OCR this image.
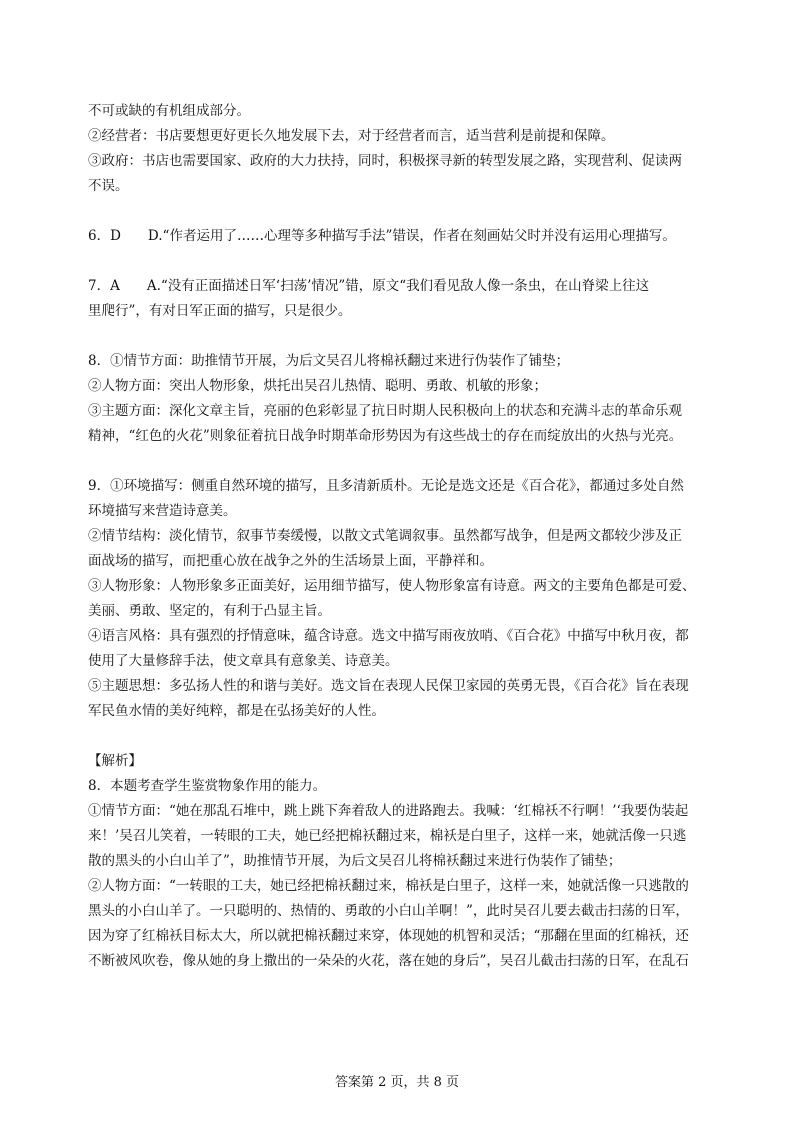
不可或缺的有机组成部分。
②经营者：书店要想更好更长久地发展下去，对于经营者而言，适当营利是前提和保障。
③政府：书店也需要国家、政府的大力扶持，同时，积极探寻新的转型发展之路，实现营利、促读两
不误。
6．D　　D.“作者运用了……心理等多种描写手法”错误，作者在刻画姑父时并没有运用心理描写。
7．A　　A.“没有正面描述日军‘扫荡’情况”错，原文“我们看见敌人像一条虫，在山脊梁上往这
里爬行”，有对日军正面的描写，只是很少。
8．①情节方面：助推情节开展，为后文吴召儿将棉袄翻过来进行伪装作了铺垫；
②人物方面：突出人物形象，烘托出吴召儿热情、聪明、勇敢、机敏的形象；
③主题方面：深化文章主旨，亮丽的色彩彰显了抗日时期人民积极向上的状态和充满斗志的革命乐观
精神，“红色的火花”则象征着抗日战争时期革命形势因为有这些战士的存在而绽放出的火热与光亮。
9．①环境描写：侧重自然环境的描写，且多清新质朴。无论是选文还是《百合花》，都通过多处自然
环境描写来营造诗意美。
②情节结构：淡化情节，叙事节奏缓慢，以散文式笔调叙事。虽然都写战争，但是两文都较少涉及正
面战场的描写，而把重心放在战争之外的生活场景上面，平静祥和。
③人物形象：人物形象多正面美好，运用细节描写，使人物形象富有诗意。两文的主要角色都是可爱、
美丽、勇敢、坚定的，有利于凸显主旨。
④语言风格：具有强烈的抒情意味，蕴含诗意。选文中描写雨夜放哨、《百合花》中描写中秋月夜，都
使用了大量修辞手法，使文章具有意象美、诗意美。
⑤主题思想：多弘扬人性的和谐与美好。选文旨在表现人民保卫家园的英勇无畏，《百合花》旨在表现
军民鱼水情的美好纯粹，都是在弘扬美好的人性。
【解析】
8．本题考查学生鉴赏物象作用的能力。
①情节方面：“她在那乱石堆中，跳上跳下奔着敌人的进路跑去。我喊：‘红棉袄不行啊！’‘我要伪装起
来！’吴召儿笑着，一转眼的工夫，她已经把棉袄翻过来，棉袄是白里子，这样一来，她就活像一只逃
散的黑头的小白山羊了”，助推情节开展，为后文吴召儿将棉袄翻过来进行伪装作了铺垫；
②人物方面：“一转眼的工夫，她已经把棉袄翻过来，棉袄是白里子，这样一来，她就活像一只逃散的
黑头的小白山羊了。一只聪明的、热情的、勇敢的小白山羊啊！”，此时吴召儿要去截击扫荡的日军，
因为穿了红棉袄目标太大，所以就把棉袄翻过来穿，体现她的机智和灵活；“那翻在里面的红棉袄，还
不断被风吹卷，像从她的身上撒出的一朵朵的火花，落在她的身后”，吴召儿截击扫荡的日军，在乱石
答案第 2 页，共 8 页
